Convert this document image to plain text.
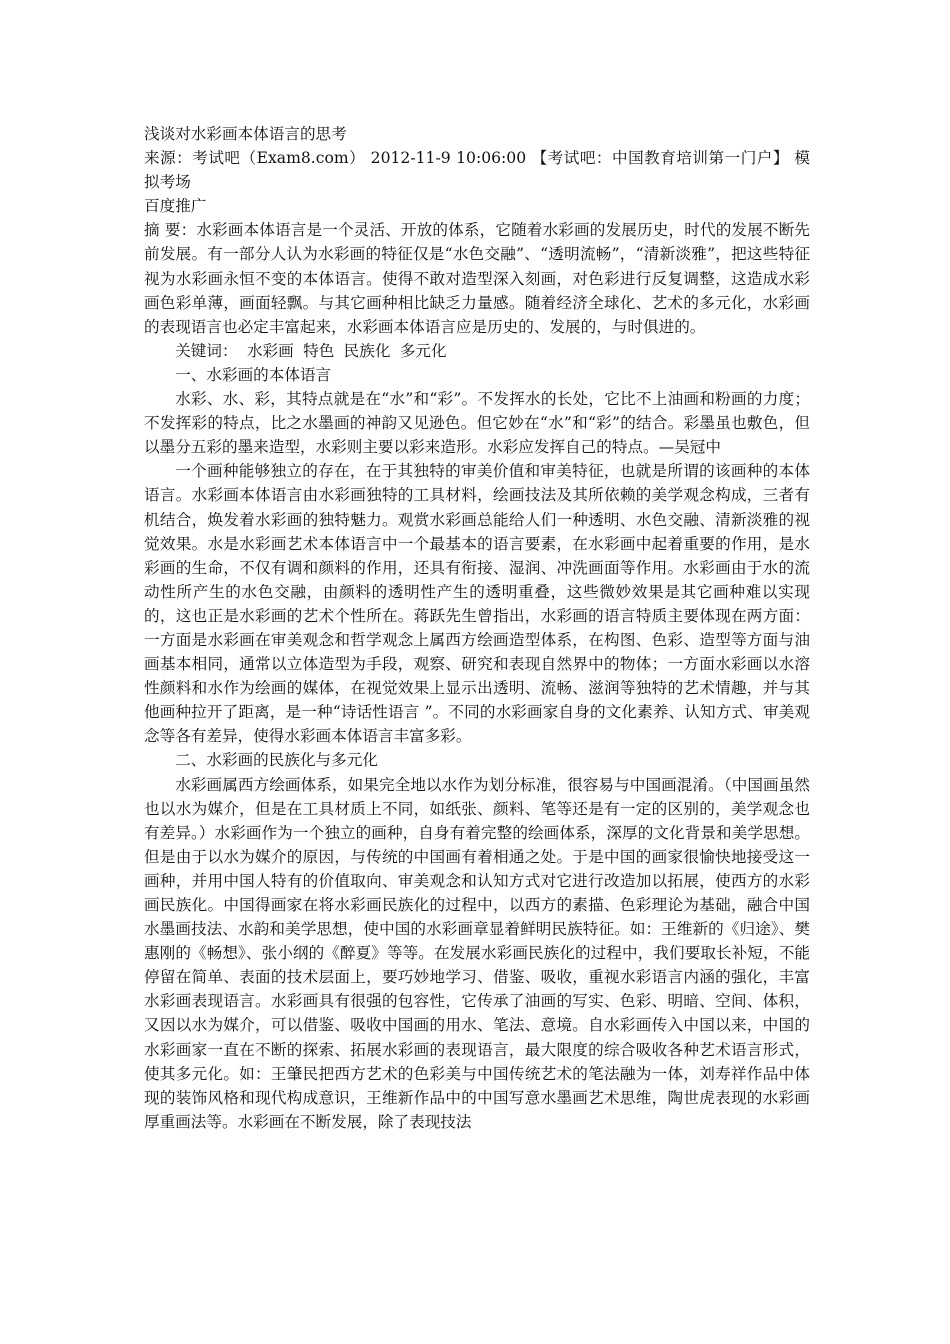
浅谈对水彩画本体语言的思考

来源：考试吧（Exam8.com） 2012-11-9 10:06:00 【考试吧：中国教育培训第一门户】 模拟考场

百度推广

摘 要：水彩画本体语言是一个灵活、开放的体系，它随着水彩画的发展历史，时代的发展不断先前发展。有一部分人认为水彩画的特征仅是“水色交融”、“透明流畅”，“清新淡雅”，把这些特征视为水彩画永恒不变的本体语言。使得不敢对造型深入刻画，对色彩进行反复调整，这造成水彩画色彩单薄，画面轻飘。与其它画种相比缺乏力量感。随着经济全球化、艺术的多元化，水彩画的表现语言也必定丰富起来，水彩画本体语言应是历史的、发展的，与时俱进的。

关键词： 水彩画 特色 民族化 多元化

一、水彩画的本体语言

水彩、水、彩，其特点就是在“水”和“彩”。不发挥水的长处，它比不上油画和粉画的力度；不发挥彩的特点，比之水墨画的神韵又见逊色。但它妙在“水”和“彩”的结合。彩墨虽也敷色，但以墨分五彩的墨来造型，水彩则主要以彩来造形。水彩应发挥自己的特点。—吴冠中

一个画种能够独立的存在，在于其独特的审美价值和审美特征，也就是所谓的该画种的本体语言。水彩画本体语言由水彩画独特的工具材料，绘画技法及其所依赖的美学观念构成，三者有机结合，焕发着水彩画的独特魅力。观赏水彩画总能给人们一种透明、水色交融、清新淡雅的视觉效果。水是水彩画艺术本体语言中一个最基本的语言要素，在水彩画中起着重要的作用，是水彩画的生命，不仅有调和颜料的作用，还具有衔接、湿润、冲洗画面等作用。水彩画由于水的流动性所产生的水色交融，由颜料的透明性产生的透明重叠，这些微妙效果是其它画种难以实现的，这也正是水彩画的艺术个性所在。蒋跃先生曾指出，水彩画的语言特质主要体现在两方面：一方面是水彩画在审美观念和哲学观念上属西方绘画造型体系，在构图、色彩、造型等方面与油画基本相同，通常以立体造型为手段，观察、研究和表现自然界中的物体；一方面水彩画以水溶性颜料和水作为绘画的媒体，在视觉效果上显示出透明、流畅、滋润等独特的艺术情趣，并与其他画种拉开了距离，是一种“诗话性语言 ”。不同的水彩画家自身的文化素养、认知方式、审美观念等各有差异，使得水彩画本体语言丰富多彩。

二、水彩画的民族化与多元化

水彩画属西方绘画体系，如果完全地以水作为划分标准，很容易与中国画混淆。（中国画虽然也以水为媒介，但是在工具材质上不同，如纸张、颜料、笔等还是有一定的区别的，美学观念也有差异。）水彩画作为一个独立的画种，自身有着完整的绘画体系，深厚的文化背景和美学思想。但是由于以水为媒介的原因，与传统的中国画有着相通之处。于是中国的画家很愉快地接受这一画种，并用中国人特有的价值取向、审美观念和认知方式对它进行改造加以拓展，使西方的水彩画民族化。中国得画家在将水彩画民族化的过程中，以西方的素描、色彩理论为基础，融合中国水墨画技法、水韵和美学思想，使中国的水彩画章显着鲜明民族特征。如：王维新的《归途》、樊惠刚的《畅想》、张小纲的《醉夏》等等。在发展水彩画民族化的过程中，我们要取长补短，不能停留在简单、表面的技术层面上，要巧妙地学习、借鉴、吸收，重视水彩语言内涵的强化，丰富水彩画表现语言。水彩画具有很强的包容性，它传承了油画的写实、色彩、明暗、空间、体积，又因以水为媒介，可以借鉴、吸收中国画的用水、笔法、意境。自水彩画传入中国以来，中国的水彩画家一直在不断的探索、拓展水彩画的表现语言，最大限度的综合吸收各种艺术语言形式，使其多元化。如：王肇民把西方艺术的色彩美与中国传统艺术的笔法融为一体，刘寿祥作品中体现的装饰风格和现代构成意识，王维新作品中的中国写意水墨画艺术思维，陶世虎表现的水彩画厚重画法等。水彩画在不断发展，除了表现技法
